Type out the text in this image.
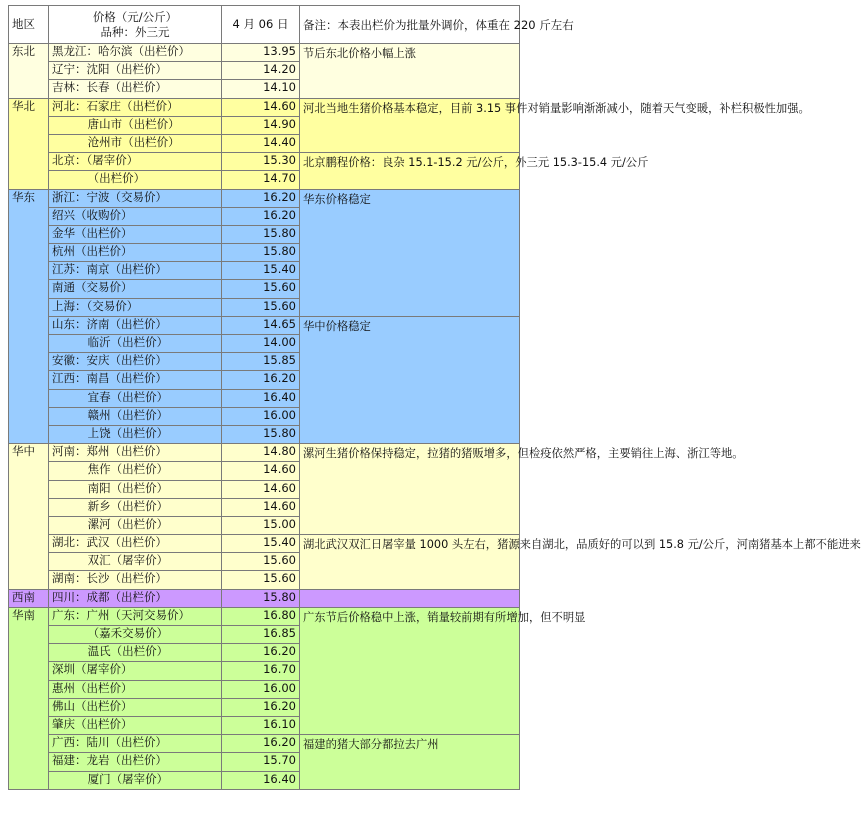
地区	价格（元/公斤）
品种：外三元	4 月 06 日	备注：本表出栏价为批量外调价，体重在 220 斤左右
东北	黑龙江：哈尔滨（出栏价）	13.95	节后东北价格小幅上涨
	辽宁：沈阳（出栏价）	14.20	
	吉林：长春（出栏价）	14.10	
华北	河北：石家庄（出栏价）	14.60	河北当地生猪价格基本稳定，目前 3.15 事件对销量影响渐渐减小，随着天气变暖，补栏积极性加强。
	唐山市（出栏价）	14.90	
	沧州市（出栏价）	14.40	
	北京：（屠宰价）	15.30	北京鹏程价格：良杂 15.1-15.2 元/公斤，外三元 15.3-15.4 元/公斤
	（出栏价）	14.70	
华东	浙江：宁波（交易价）	16.20	华东价格稳定
	绍兴（收购价）	16.20	
	金华（出栏价）	15.80	
	杭州（出栏价）	15.80	
	江苏：南京（出栏价）	15.40	
	南通（交易价）	15.60	
	上海：（交易价）	15.60	
	山东：济南（出栏价）	14.65	华中价格稳定
	临沂（出栏价）	14.00	
	安徽：安庆（出栏价）	15.85	
	江西：南昌（出栏价）	16.20	
	宜春（出栏价）	16.40	
	赣州（出栏价）	16.00	
	上饶（出栏价）	15.80	
华中	河南：郑州（出栏价）	14.80	漯河生猪价格保持稳定，拉猪的猪贩增多，但检疫依然严格，主要销往上海、浙江等地。
	焦作（出栏价）	14.60	
	南阳（出栏价）	14.60	
	新乡（出栏价）	14.60	
	漯河（出栏价）	15.00	
	湖北：武汉（出栏价）	15.40	湖北武汉双汇日屠宰量 1000 头左右，猪源来自湖北，品质好的可以到 15.8 元/公斤，河南猪基本上都不能进来
	双汇（屠宰价）	15.60	
	湖南：长沙（出栏价）	15.60	
西南	四川：成都（出栏价）	15.80	
华南	广东：广州（天河交易价）	16.80	广东节后价格稳中上涨，销量较前期有所增加，但不明显
	（嘉禾交易价）	16.85	
	温氏（出栏价）	16.20	
	深圳（屠宰价）	16.70	
	惠州（出栏价）	16.00	
	佛山（出栏价）	16.20	
	肇庆（出栏价）	16.10	
	广西：陆川（出栏价）	16.20	福建的猪大部分都拉去广州
	福建：龙岩（出栏价）	15.70	
	厦门（屠宰价）	16.40	
